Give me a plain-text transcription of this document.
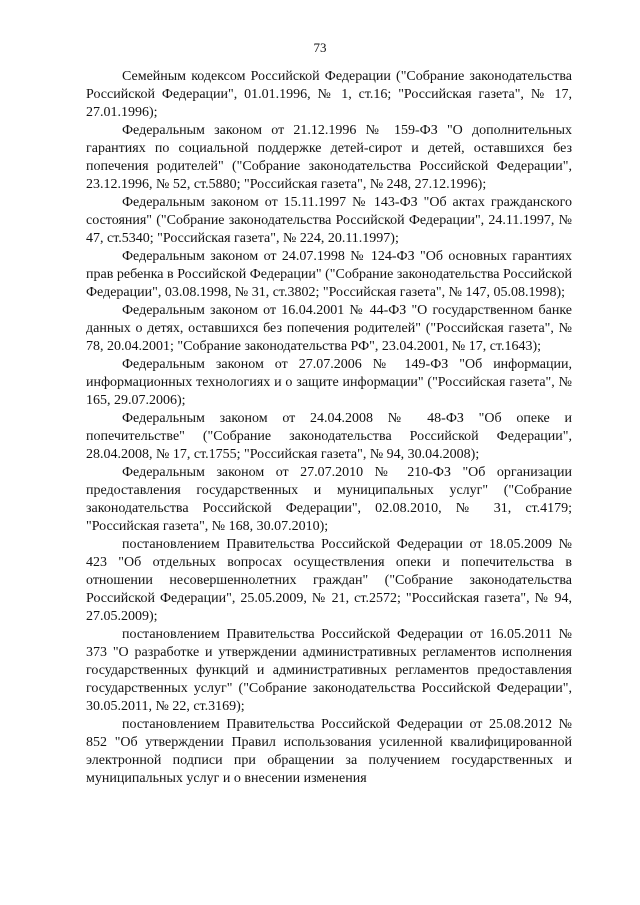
73

Семейным кодексом Российской Федерации ("Собрание законодательства Российской Федерации", 01.01.1996, № 1, ст.16; "Российская газета", № 17, 27.01.1996);

Федеральным законом от 21.12.1996 № 159-ФЗ "О дополнительных гарантиях по социальной поддержке детей-сирот и детей, оставшихся без попечения родителей" ("Собрание законодательства Российской Федерации", 23.12.1996, № 52, ст.5880; "Российская газета", № 248, 27.12.1996);

Федеральным законом от 15.11.1997 № 143-ФЗ "Об актах гражданского состояния" ("Собрание законодательства Российской Федерации", 24.11.1997, № 47, ст.5340; "Российская газета", № 224, 20.11.1997);

Федеральным законом от 24.07.1998 № 124-ФЗ "Об основных гарантиях прав ребенка в Российской Федерации" ("Собрание законодательства Российской Федерации", 03.08.1998, № 31, ст.3802; "Российская газета", № 147, 05.08.1998);

Федеральным законом от 16.04.2001 № 44-ФЗ "О государственном банке данных о детях, оставшихся без попечения родителей" ("Российская газета", № 78, 20.04.2001; "Собрание законодательства РФ", 23.04.2001, № 17, ст.1643);

Федеральным законом от 27.07.2006 № 149-ФЗ "Об информации, информационных технологиях и о защите информации" ("Российская газета", № 165, 29.07.2006);

Федеральным законом от 24.04.2008 № 48-ФЗ "Об опеке и попечительстве" ("Собрание законодательства Российской Федерации", 28.04.2008, № 17, ст.1755; "Российская газета", № 94, 30.04.2008);

Федеральным законом от 27.07.2010 № 210-ФЗ "Об организации предоставления государственных и муниципальных услуг" ("Собрание законодательства Российской Федерации", 02.08.2010, № 31, ст.4179; "Российская газета", № 168, 30.07.2010);

постановлением Правительства Российской Федерации от 18.05.2009 № 423 "Об отдельных вопросах осуществления опеки и попечительства в отношении несовершеннолетних граждан" ("Собрание законодательства Российской Федерации", 25.05.2009, № 21, ст.2572; "Российская газета", № 94, 27.05.2009);

постановлением Правительства Российской Федерации от 16.05.2011 № 373 "О разработке и утверждении административных регламентов исполнения государственных функций и административных регламентов предоставления государственных услуг" ("Собрание законодательства Российской Федерации", 30.05.2011, № 22, ст.3169);

постановлением Правительства Российской Федерации от 25.08.2012 № 852 "Об утверждении Правил использования усиленной квалифицированной электронной подписи при обращении за получением государственных и муниципальных услуг и о внесении изменения
